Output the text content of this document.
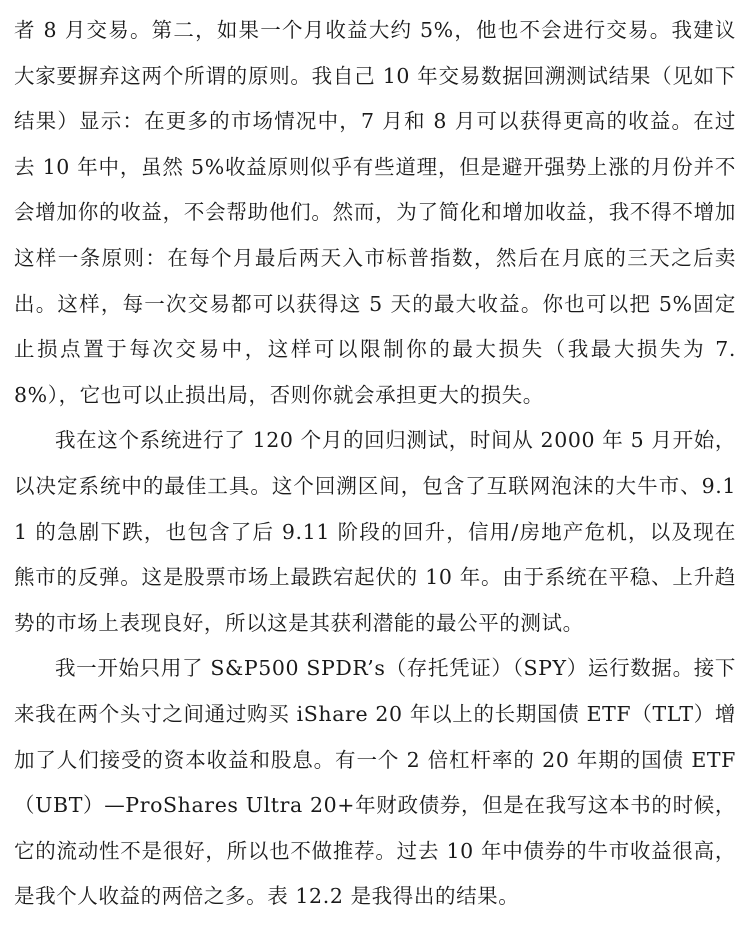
者 8 月交易。第二，如果一个月收益大约 5%，他也不会进行交易。我建议大家要摒弃这两个所谓的原则。我自己 10 年交易数据回溯测试结果（见如下结果）显示：在更多的市场情况中，7 月和 8 月可以获得更高的收益。在过去 10 年中，虽然 5%收益原则似乎有些道理，但是避开强势上涨的月份并不会增加你的收益，不会帮助他们。然而，为了简化和增加收益，我不得不增加这样一条原则：在每个月最后两天入市标普指数，然后在月底的三天之后卖出。这样，每一次交易都可以获得这 5 天的最大收益。你也可以把 5%固定止损点置于每次交易中，这样可以限制你的最大损失（我最大损失为 7.8%），它也可以止损出局，否则你就会承担更大的损失。

我在这个系统进行了 120 个月的回归测试，时间从 2000 年 5 月开始，以决定系统中的最佳工具。这个回溯区间，包含了互联网泡沫的大牛市、9.11 的急剧下跌，也包含了后 9.11 阶段的回升，信用/房地产危机，以及现在熊市的反弹。这是股票市场上最跌宕起伏的 10 年。由于系统在平稳、上升趋势的市场上表现良好，所以这是其获利潜能的最公平的测试。

我一开始只用了 S&P500 SPDR’s（存托凭证）（SPY）运行数据。接下来我在两个头寸之间通过购买 iShare 20 年以上的长期国债 ETF（TLT）增加了人们接受的资本收益和股息。有一个 2 倍杠杆率的 20 年期的国债 ETF（UBT）—ProShares Ultra 20+年财政债券，但是在我写这本书的时候，它的流动性不是很好，所以也不做推荐。过去 10 年中债券的牛市收益很高，是我个人收益的两倍之多。表 12.2 是我得出的结果。
